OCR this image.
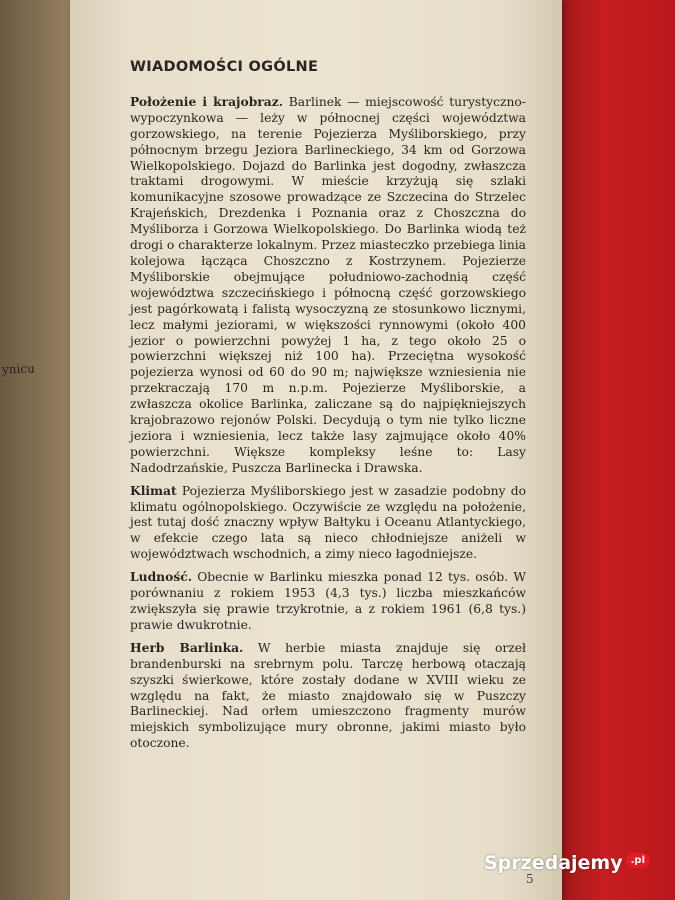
ynicu
WIADOMOŚCI OGÓLNE

Położenie i krajobraz. Barlinek — miejscowość turystyczno-wypoczynkowa — leży w północnej części województwa gorzowskiego, na terenie Pojezierza Myśliborskiego, przy północnym brzegu Jeziora Barlineckiego, 34 km od Gorzowa Wielkopolskiego. Dojazd do Barlinka jest dogodny, zwłaszcza traktami drogowymi. W mieście krzyżują się szlaki komunikacyjne szosowe prowadzące ze Szczecina do Strzelec Krajeńskich, Drezdenka i Poznania oraz z Choszczna do Myśliborza i Gorzowa Wielkopolskiego. Do Barlinka wiodą też drogi o charakterze lokalnym. Przez miasteczko przebiega linia kolejowa łącząca Choszczno z Kostrzynem. Pojezierze Myśliborskie obejmujące południowo-zachodnią część województwa szczecińskiego i północną część gorzowskiego jest pagórkowatą i falistą wysoczyzną ze stosunkowo licznymi, lecz małymi jeziorami, w większości rynnowymi (około 400 jezior o powierzchni powyżej 1 ha, z tego około 25 o powierzchni większej niż 100 ha). Przeciętna wysokość pojezierza wynosi od 60 do 90 m; największe wzniesienia nie przekraczają 170 m n.p.m. Pojezierze Myśliborskie, a zwłaszcza okolice Barlinka, zaliczane są do najpiękniejszych krajobrazowo rejonów Polski. Decydują o tym nie tylko liczne jeziora i wzniesienia, lecz także lasy zajmujące około 40% powierzchni. Większe kompleksy leśne to: Lasy Nadodrzańskie, Puszcza Barlinecka i Drawska.

Klimat Pojezierza Myśliborskiego jest w zasadzie podobny do klimatu ogólnopolskiego. Oczywiście ze względu na położenie, jest tutaj dość znaczny wpływ Bałtyku i Oceanu Atlantyckiego, w efekcie czego lata są nieco chłodniejsze aniżeli w województwach wschodnich, a zimy nieco łagodniejsze.

Ludność. Obecnie w Barlinku mieszka ponad 12 tys. osób. W porównaniu z rokiem 1953 (4,3 tys.) liczba mieszkańców zwiększyła się prawie trzykrotnie, a z rokiem 1961 (6,8 tys.) prawie dwukrotnie.

Herb Barlinka. W herbie miasta znajduje się orzeł brandenburski na srebrnym polu. Tarczę herbową otaczają szyszki świerkowe, które zostały dodane w XVIII wieku ze względu na fakt, że miasto znajdowało się w Puszczy Barlineckiej. Nad orłem umieszczono fragmenty murów miejskich symbolizujące mury obronne, jakimi miasto było otoczone.

5
Sprzedajemy .pl
